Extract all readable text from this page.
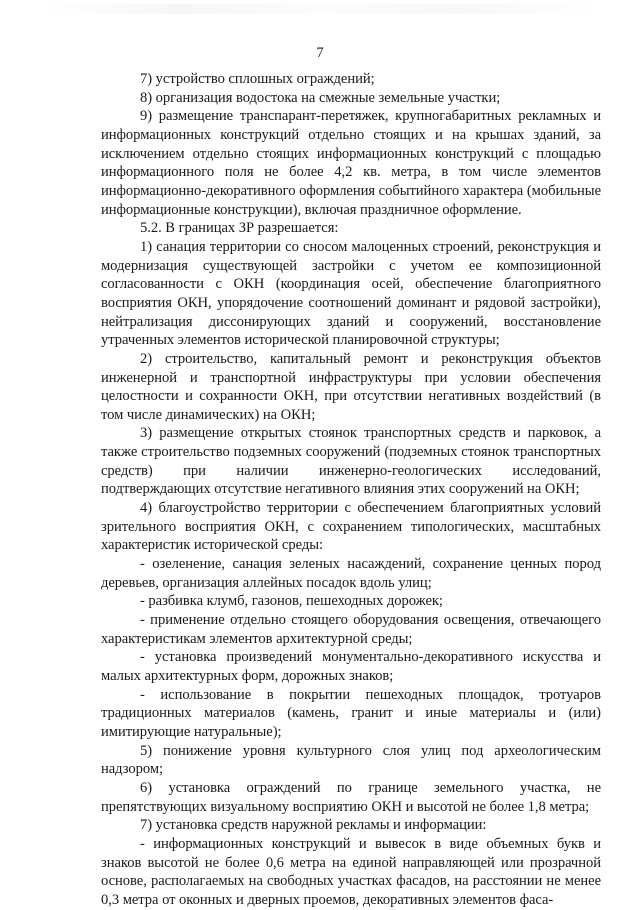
7

7) устройство сплошных ограждений;

8) организация водостока на смежные земельные участки;

9) размещение транспарант-перетяжек, крупногабаритных рекламных и информационных конструкций отдельно стоящих и на крышах зданий, за исключением отдельно стоящих информационных конструкций с площадью информационного поля не более 4,2 кв. метра, в том числе элементов информационно-декоративного оформления событийного характера (мобильные информационные конструкции), включая праздничное оформление.

5.2. В границах ЗР разрешается:

1) санация территории со сносом малоценных строений, реконструкция и модернизация существующей застройки с учетом ее композиционной согласованности с ОКН (координация осей, обеспечение благоприятного восприятия ОКН, упорядочение соотношений доминант и рядовой застройки), нейтрализация диссонирующих зданий и сооружений, восстановление утраченных элементов исторической планировочной структуры;

2) строительство, капитальный ремонт и реконструкция объектов инженерной и транспортной инфраструктуры при условии обеспечения целостности и сохранности ОКН, при отсутствии негативных воздействий (в том числе динамических) на ОКН;

3) размещение открытых стоянок транспортных средств и парковок, а также строительство подземных сооружений (подземных стоянок транспортных средств) при наличии инженерно-геологических исследований, подтверждающих отсутствие негативного влияния этих сооружений на ОКН;

4) благоустройство территории с обеспечением благоприятных условий зрительного восприятия ОКН, с сохранением типологических, масштабных характеристик исторической среды:

- озеленение, санация зеленых насаждений, сохранение ценных пород деревьев, организация аллейных посадок вдоль улиц;

- разбивка клумб, газонов, пешеходных дорожек;

- применение отдельно стоящего оборудования освещения, отвечающего характеристикам элементов архитектурной среды;

- установка произведений монументально-декоративного искусства и малых архитектурных форм, дорожных знаков;

- использование в покрытии пешеходных площадок, тротуаров традиционных материалов (камень, гранит и иные материалы и (или) имитирующие натуральные);

5) понижение уровня культурного слоя улиц под археологическим надзором;

6) установка ограждений по границе земельного участка, не препятствующих визуальному восприятию ОКН и высотой не более 1,8 метра;

7) установка средств наружной рекламы и информации:

- информационных конструкций и вывесок в виде объемных букв и знаков высотой не более 0,6 метра на единой направляющей или прозрачной основе, располагаемых на свободных участках фасадов, на расстоянии не менее 0,3 метра от оконных и дверных проемов, декоративных элементов фаса-
